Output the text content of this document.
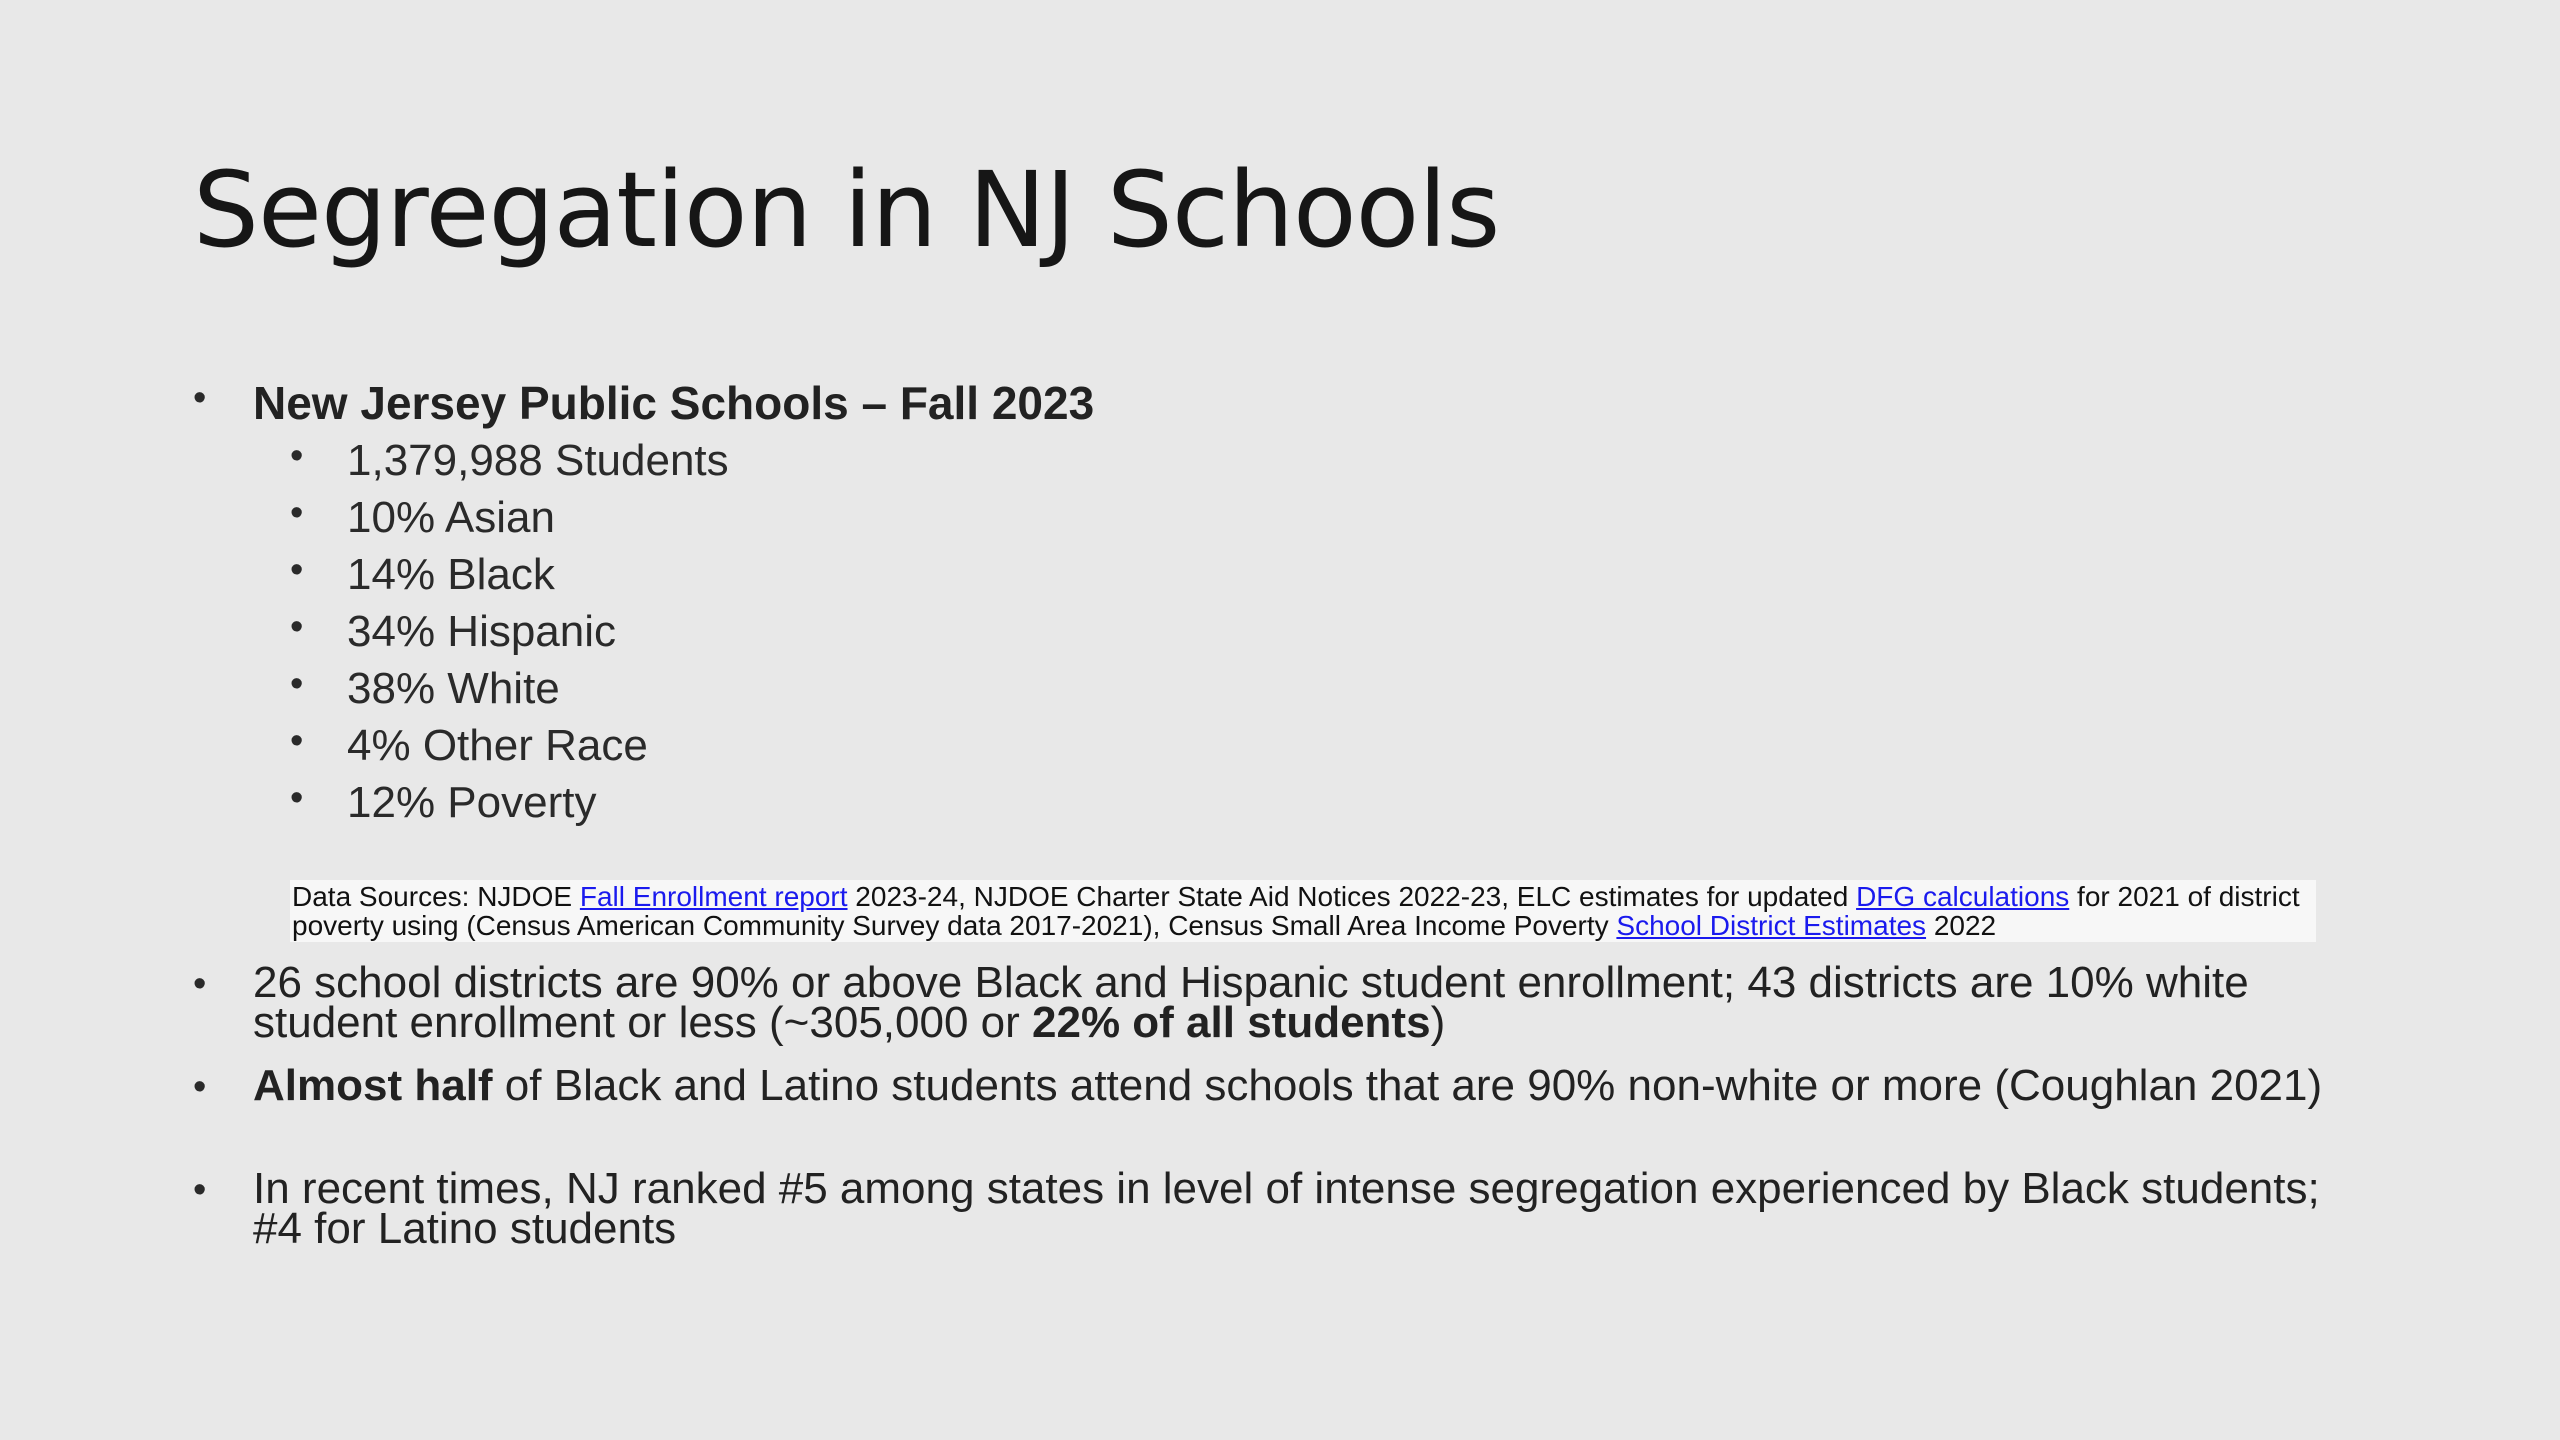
Segregation in NJ Schools
•	New Jersey Public Schools – Fall 2023
• 1,379,988 Students
• 10% Asian
• 14% Black
• 34% Hispanic
• 38% White
• 4% Other Race
• 12% Poverty
Data Sources: NJDOE Fall Enrollment report 2023-24, NJDOE Charter State Aid Notices 2022-23, ELC estimates for updated DFG calculations for 2021 of district poverty using (Census American Community Survey data 2017-2021), Census Small Area Income Poverty School District Estimates 2022
•	26 school districts are 90% or above Black and Hispanic student enrollment; 43 districts are 10% white student enrollment or less (~305,000 or 22% of all students)
•	Almost half of Black and Latino students attend schools that are 90% non-white or more (Coughlan 2021)
•	In recent times, NJ ranked #5 among states in level of intense segregation experienced by Black students; #4 for Latino students
